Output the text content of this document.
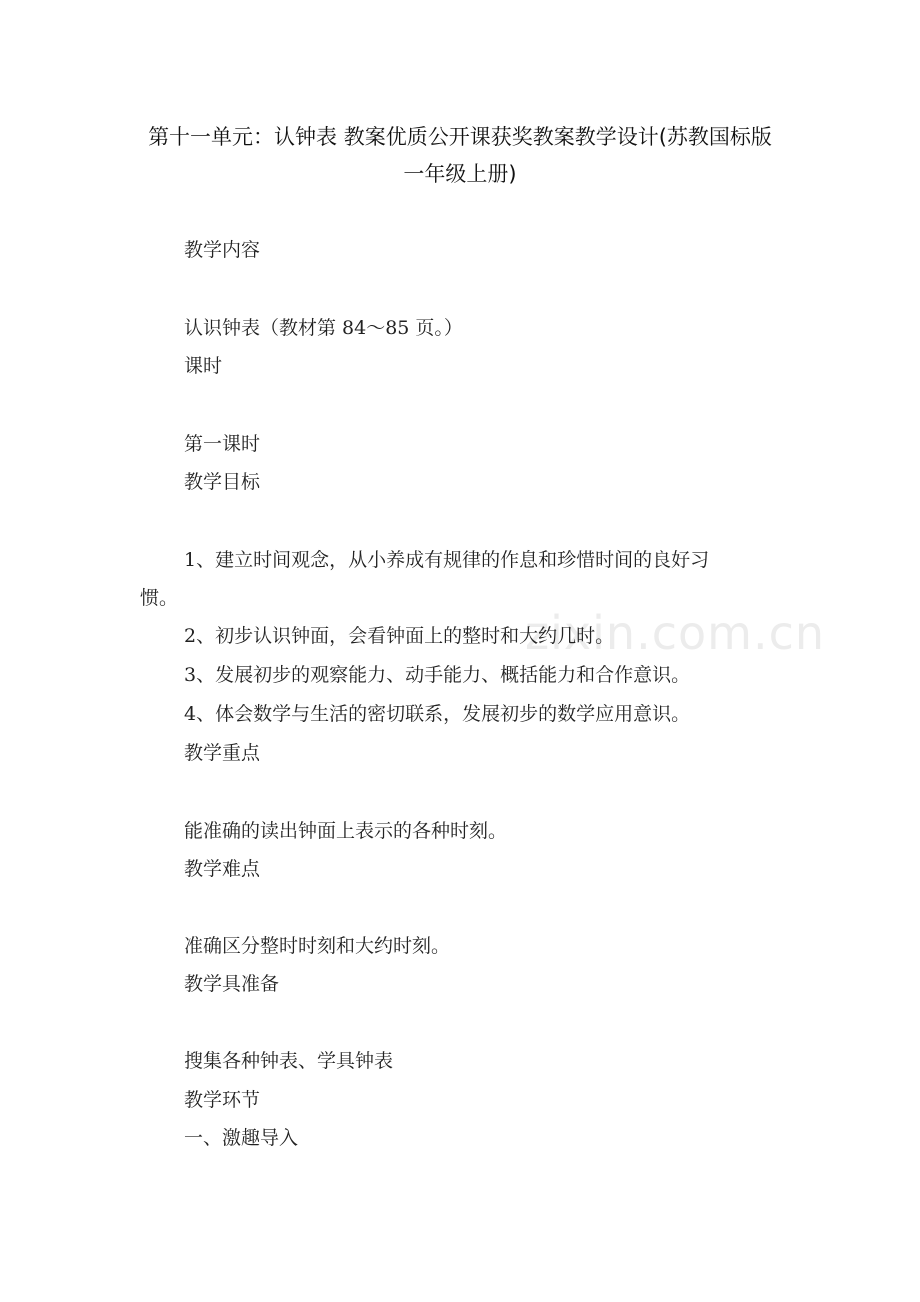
zixin.com.cn
第十一单元：认钟表 教案优质公开课获奖教案教学设计(苏教国标版
一年级上册)
教学内容
认识钟表（教材第 84～85 页。）
课时
第一课时
教学目标
1、建立时间观念，从小养成有规律的作息和珍惜时间的良好习
惯。
2、初步认识钟面，会看钟面上的整时和大约几时。
3、发展初步的观察能力、动手能力、概括能力和合作意识。
4、体会数学与生活的密切联系，发展初步的数学应用意识。
教学重点
能准确的读出钟面上表示的各种时刻。
教学难点
准确区分整时时刻和大约时刻。
教学具准备
搜集各种钟表、学具钟表
教学环节
一、激趣导入
